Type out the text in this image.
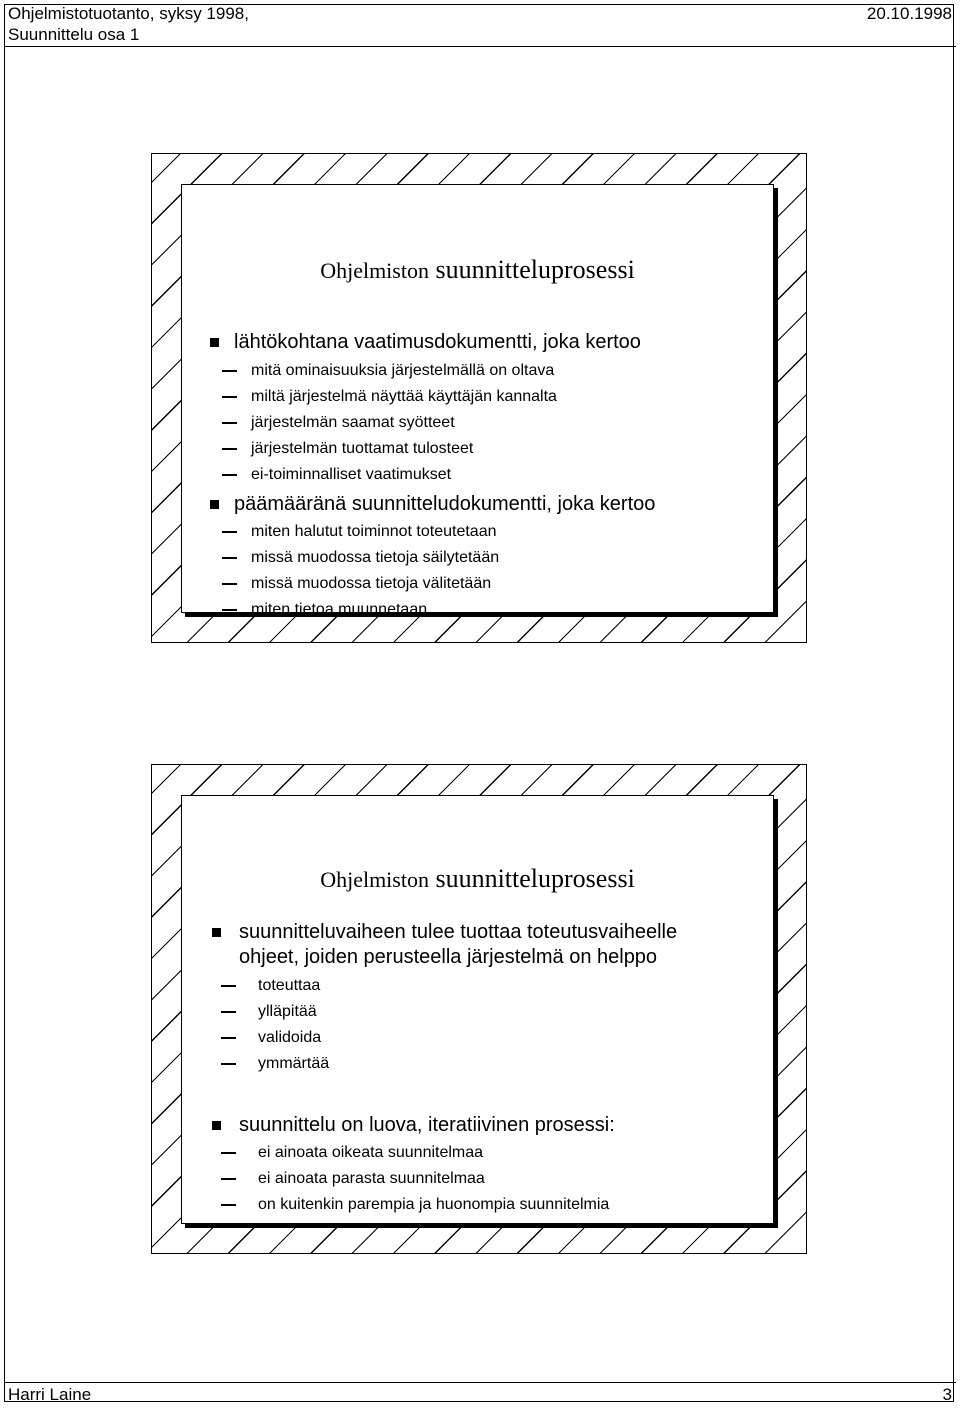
Ohjelmistotuotanto, syksy 1998,	20.10.1998
Suunnittelu osa 1
Ohjelmiston suunnitteluprosessi
lähtökohtana vaatimusdokumentti, joka kertoo
mitä ominaisuuksia järjestelmällä on oltava
miltä järjestelmä näyttää käyttäjän kannalta
järjestelmän saamat syötteet
järjestelmän tuottamat tulosteet
ei-toiminnalliset vaatimukset
päämääränä suunnitteludokumentti, joka kertoo
miten halutut toiminnot toteutetaan
missä muodossa tietoja säilytetään
missä muodossa tietoja välitetään
miten tietoa muunnetaan
Ohjelmiston suunnitteluprosessi
suunnitteluvaiheen tulee tuottaa toteutusvaiheelle
ohjeet, joiden perusteella järjestelmä on helppo
toteuttaa
ylläpitää
validoida
ymmärtää
suunnittelu on luova, iteratiivinen prosessi:
ei ainoata oikeata suunnitelmaa
ei ainoata parasta suunnitelmaa
on kuitenkin parempia ja huonompia suunnitelmia
Harri Laine	3
